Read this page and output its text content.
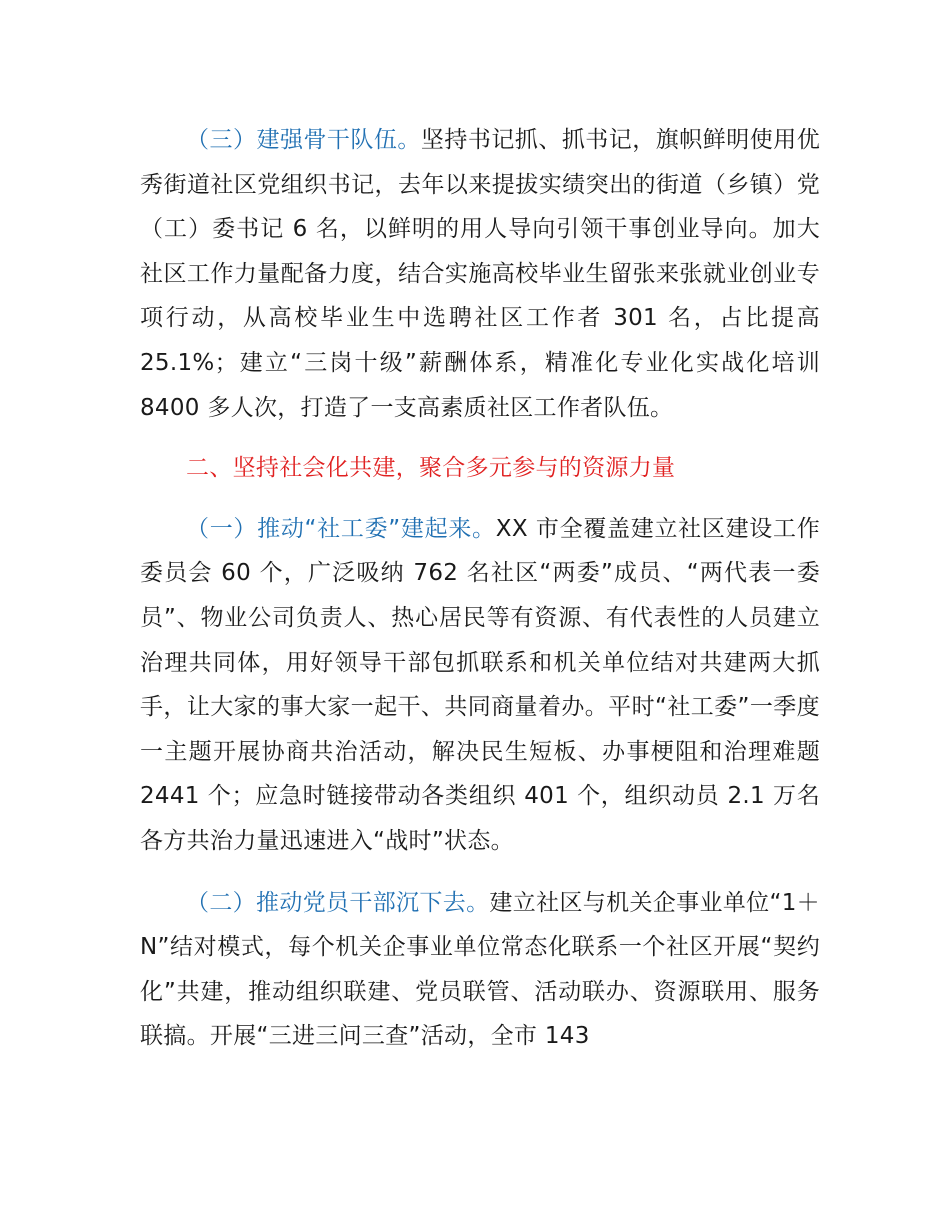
（三）建强骨干队伍。坚持书记抓、抓书记，旗帜鲜明使用优秀街道社区党组织书记，去年以来提拔实绩突出的街道（乡镇）党（工）委书记 6 名，以鲜明的用人导向引领干事创业导向。加大社区工作力量配备力度，结合实施高校毕业生留张来张就业创业专项行动，从高校毕业生中选聘社区工作者 301 名，占比提高 25.1%；建立“三岗十级”薪酬体系，精准化专业化实战化培训 8400 多人次，打造了一支高素质社区工作者队伍。

二、坚持社会化共建，聚合多元参与的资源力量

（一）推动“社工委”建起来。XX 市全覆盖建立社区建设工作委员会 60 个，广泛吸纳 762 名社区“两委”成员、“两代表一委员”、物业公司负责人、热心居民等有资源、有代表性的人员建立治理共同体，用好领导干部包抓联系和机关单位结对共建两大抓手，让大家的事大家一起干、共同商量着办。平时“社工委”一季度一主题开展协商共治活动，解决民生短板、办事梗阻和治理难题 2441 个；应急时链接带动各类组织 401 个，组织动员 2.1 万名各方共治力量迅速进入“战时”状态。

（二）推动党员干部沉下去。建立社区与机关企事业单位“1＋N”结对模式，每个机关企事业单位常态化联系一个社区开展“契约化”共建，推动组织联建、党员联管、活动联办、资源联用、服务联搞。开展“三进三问三查”活动，全市 143
